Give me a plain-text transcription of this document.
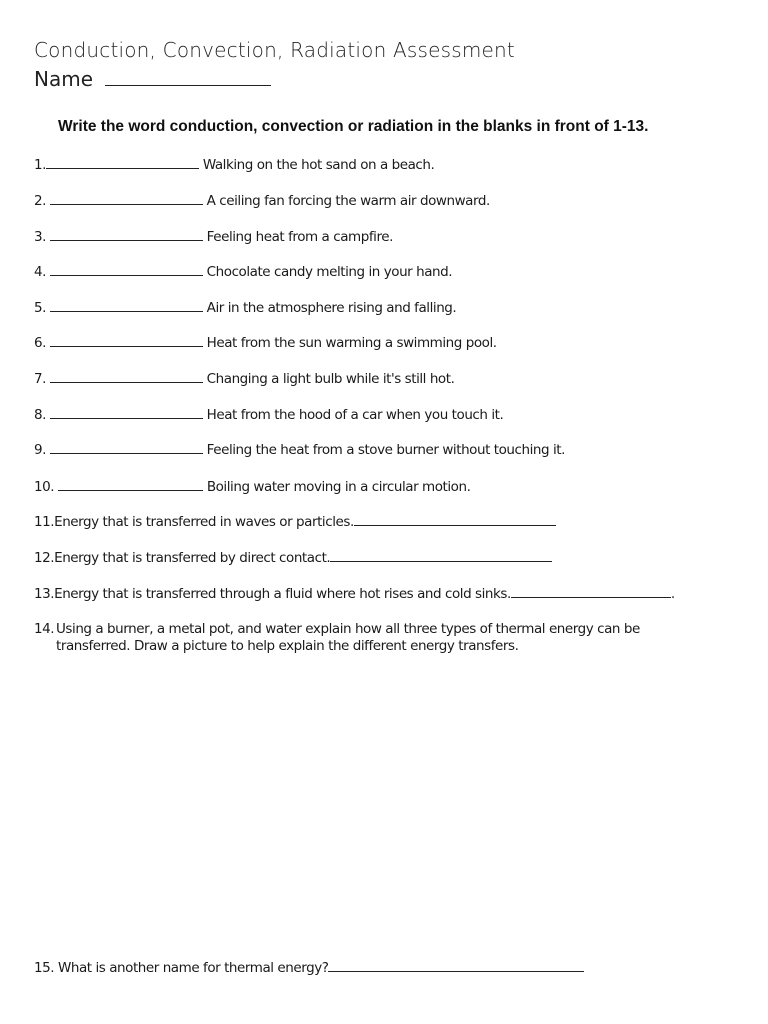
Conduction, Convection, Radiation Assessment
Name
Write the word conduction, convection or radiation in the blanks in front of 1-13.
1.	Walking on the hot sand on a beach.
2.	A ceiling fan forcing the warm air downward.
3.	Feeling heat from a campfire.
4.	Chocolate candy melting in your hand.
5.	Air in the atmosphere rising and falling.
6.	Heat from the sun warming a swimming pool.
7.	Changing a light bulb while it's still hot.
8.	Heat from the hood of a car when you touch it.
9.	Feeling the heat from a stove burner without touching it.
10.	Boiling water moving in a circular motion.
11.Energy that is transferred in waves or particles.
12.Energy that is transferred by direct contact.
13.Energy that is transferred through a fluid where hot rises and cold sinks.	.
14. Using a burner, a metal pot, and water explain how all three types of thermal energy can be
transferred. Draw a picture to help explain the different energy transfers.
15. What is another name for thermal energy?
